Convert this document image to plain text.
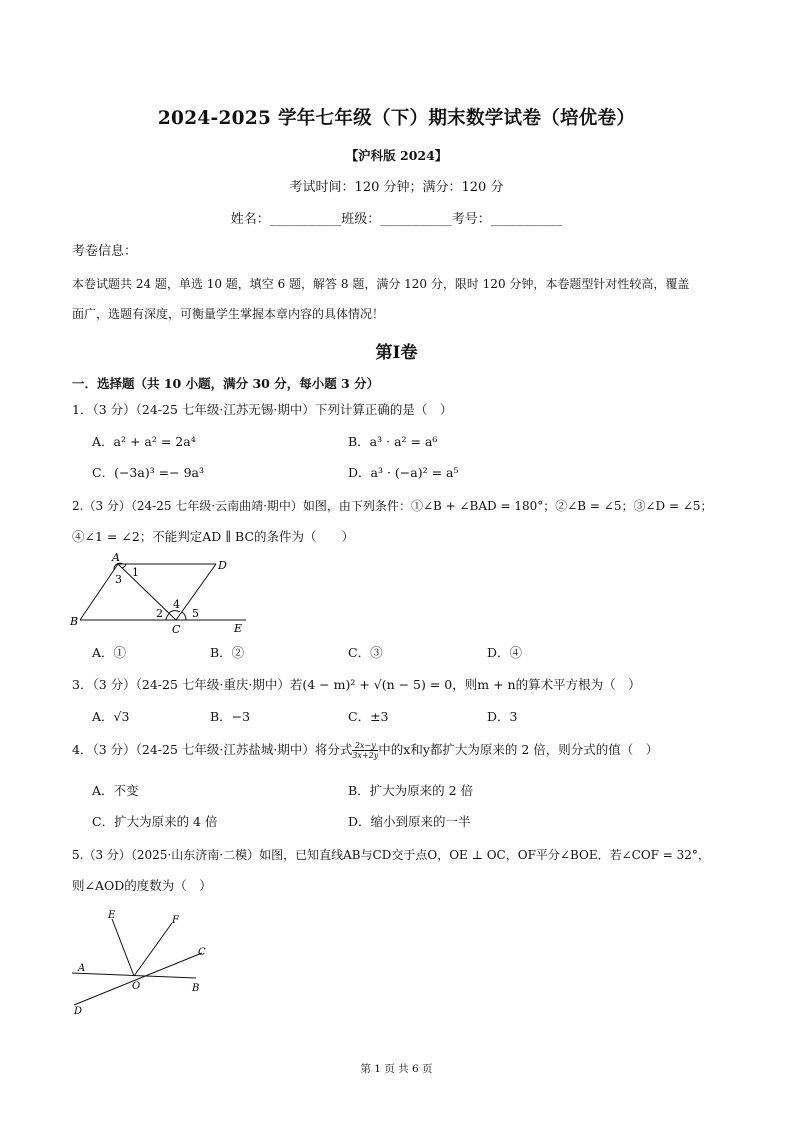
2024-2025 学年七年级（下）期末数学试卷（培优卷）
【沪科版 2024】
考试时间：120 分钟；满分：120 分
姓名：___________班级：___________考号：___________
考卷信息：
本卷试题共 24 题，单选 10 题，填空 6 题，解答 8 题，满分 120 分，限时 120 分钟，本卷题型针对性较高，覆盖
面广，选题有深度，可衡量学生掌握本章内容的具体情况！
第Ⅰ卷
一．选择题（共 10 小题，满分 30 分，每小题 3 分）
1．（3 分）（24-25 七年级·江苏无锡·期中）下列计算正确的是（　）
A．a² + a² = 2a⁴	B．a³ · a² = a⁶
C．(−3a)³ =− 9a³	D．a³ · (−a)² = a⁵
2.（3 分）（24-25 七年级·云南曲靖·期中）如图，由下列条件：①∠B + ∠BAD = 180°；②∠B = ∠5；③∠D = ∠5；
④∠1 = ∠2；不能判定AD ∥ BC的条件为（　　）
A
D
B
C	E
1
3
2
4
5
A．①	B．②	C．③	D．④
3．（3 分）（24-25 七年级·重庆·期中）若(4 − m)² + √(n − 5) = 0，则m + n的算术平方根为（　）
A．√3	B．−3	C．±3	D．3
4．（3 分）（24-25 七年级·江苏盐城·期中）将分式 $\frac{2x-y}{3x+2y}$ 中的x和y都扩大为原来的 2 倍，则分式的值（　）
A．不变	B．扩大为原来的 2 倍
C．扩大为原来的 4 倍	D．缩小到原来的一半
5.（3 分）（2025·山东济南·二模）如图，已知直线AB与CD交于点O，OE ⊥ OC，OF平分∠BOE．若∠COF = 32°，
则∠AOD的度数为（　）
E	F
C
A
O	B
D
第 1 页 共 6 页
